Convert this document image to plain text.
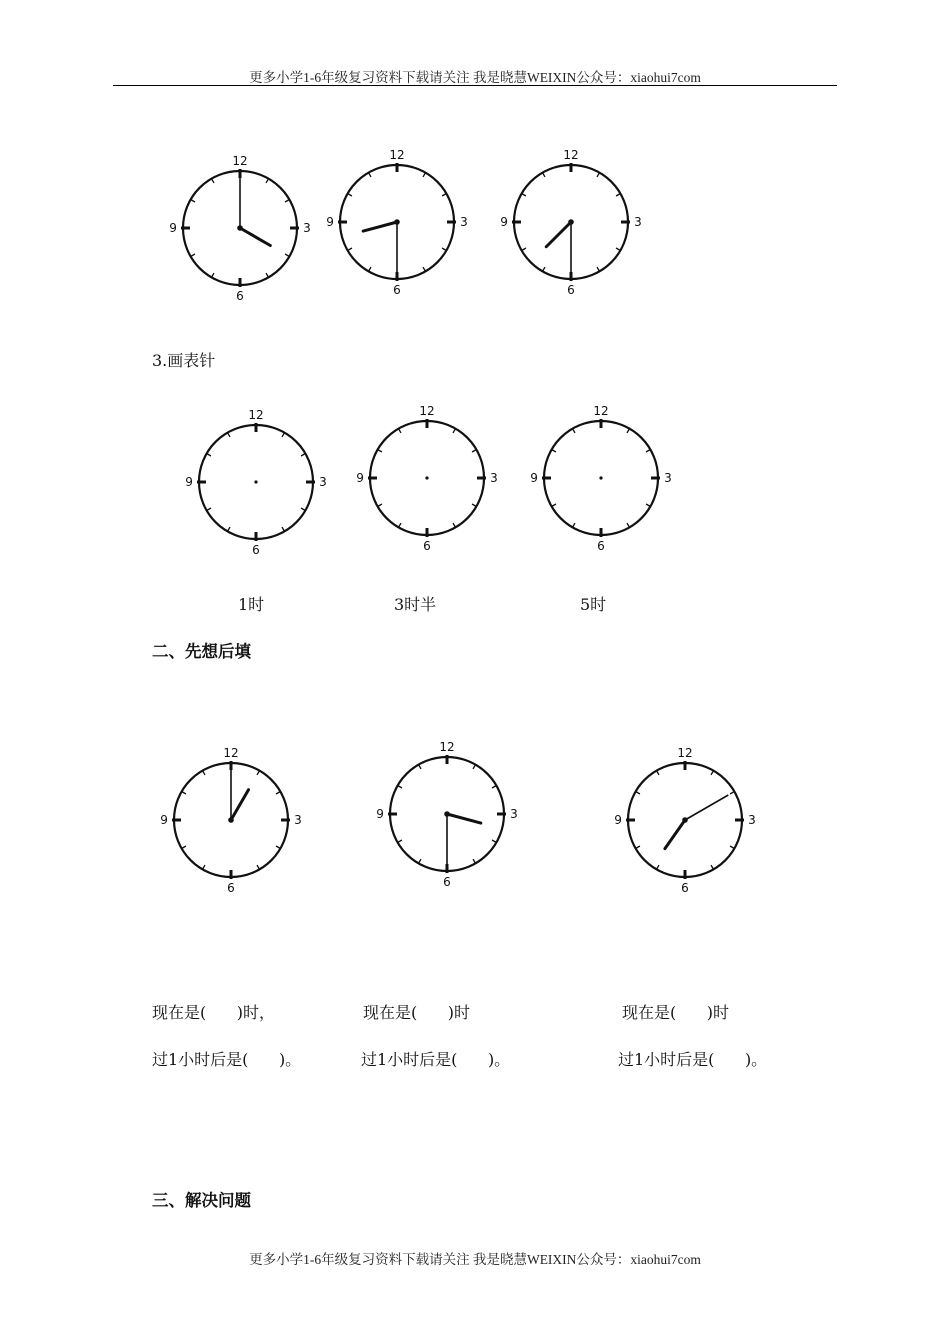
更多小学1-6年级复习资料下载请关注 我是晓慧WEIXIN公众号：xiaohui7com
12
3
6
9
12
3
6
9
12
3
6
9
3.画表针
12
3
6
9
12
3
6
9
12
3
6
9
1时	3时半	5时
二、先想后填
12
3
6
9
12
3
6
9
12
3
6
9
现在是(      )时，	现在是(      )时	现在是(      )时
过1小时后是(      )。	过1小时后是(      )。	过1小时后是(      )。
三、解决问题
更多小学1-6年级复习资料下载请关注 我是晓慧WEIXIN公众号：xiaohui7com
